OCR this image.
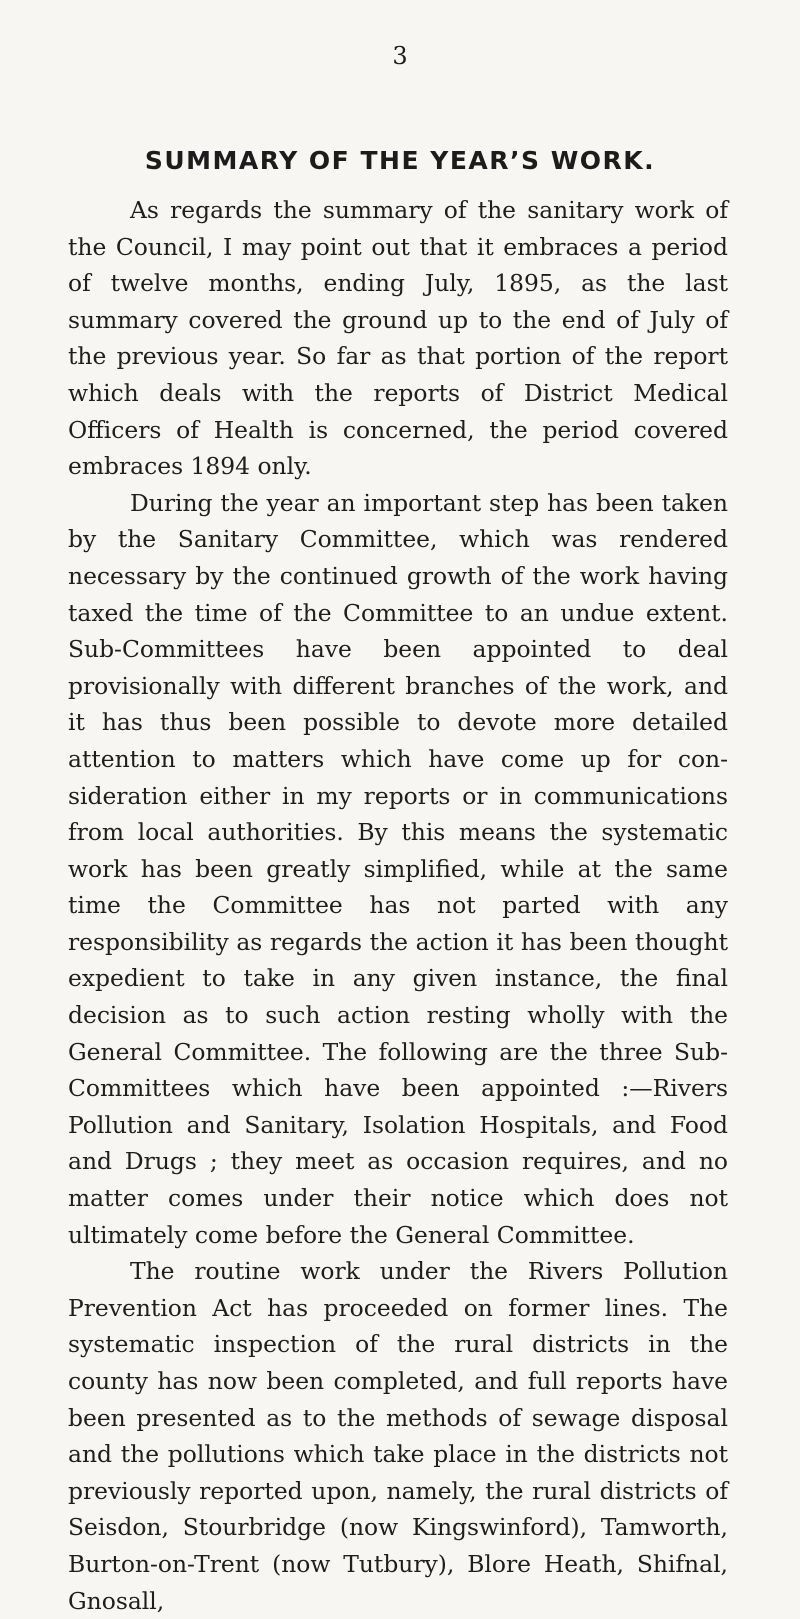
3
SUMMARY OF THE YEAR’S WORK.

As regards the summary of the sanitary work of the Council, I may point out that it embraces a period of twelve months, ending July, 1895, as the last summary covered the ground up to the end of July of the previous year. So far as that portion of the report which deals with the reports of District Medical Officers of Health is concerned, the period covered embraces 1894 only.

During the year an important step has been taken by the Sanitary Committee, which was rendered necessary by the continued growth of the work having taxed the time of the Committee to an undue extent. Sub-Committees have been appointed to deal provisionally with different branches of the work, and it has thus been possible to devote more detailed attention to matters which have come up for con- sideration either in my reports or in communications from local authorities. By this means the systematic work has been greatly simplified, while at the same time the Committee has not parted with any responsibility as regards the action it has been thought expedient to take in any given instance, the final decision as to such action resting wholly with the General Committee. The following are the three Sub- Committees which have been appointed :—Rivers Pollution and Sanitary, Isolation Hospitals, and Food and Drugs ; they meet as occasion requires, and no matter comes under their notice which does not ultimately come before the General Committee.

The routine work under the Rivers Pollution Prevention Act has proceeded on former lines. The systematic inspection of the rural districts in the county has now been completed, and full reports have been presented as to the methods of sewage disposal and the pollutions which take place in the districts not previously reported upon, namely, the rural districts of Seisdon, Stourbridge (now Kingswinford), Tamworth, Burton-on-Trent (now Tutbury), Blore Heath, Shifnal, Gnosall,
